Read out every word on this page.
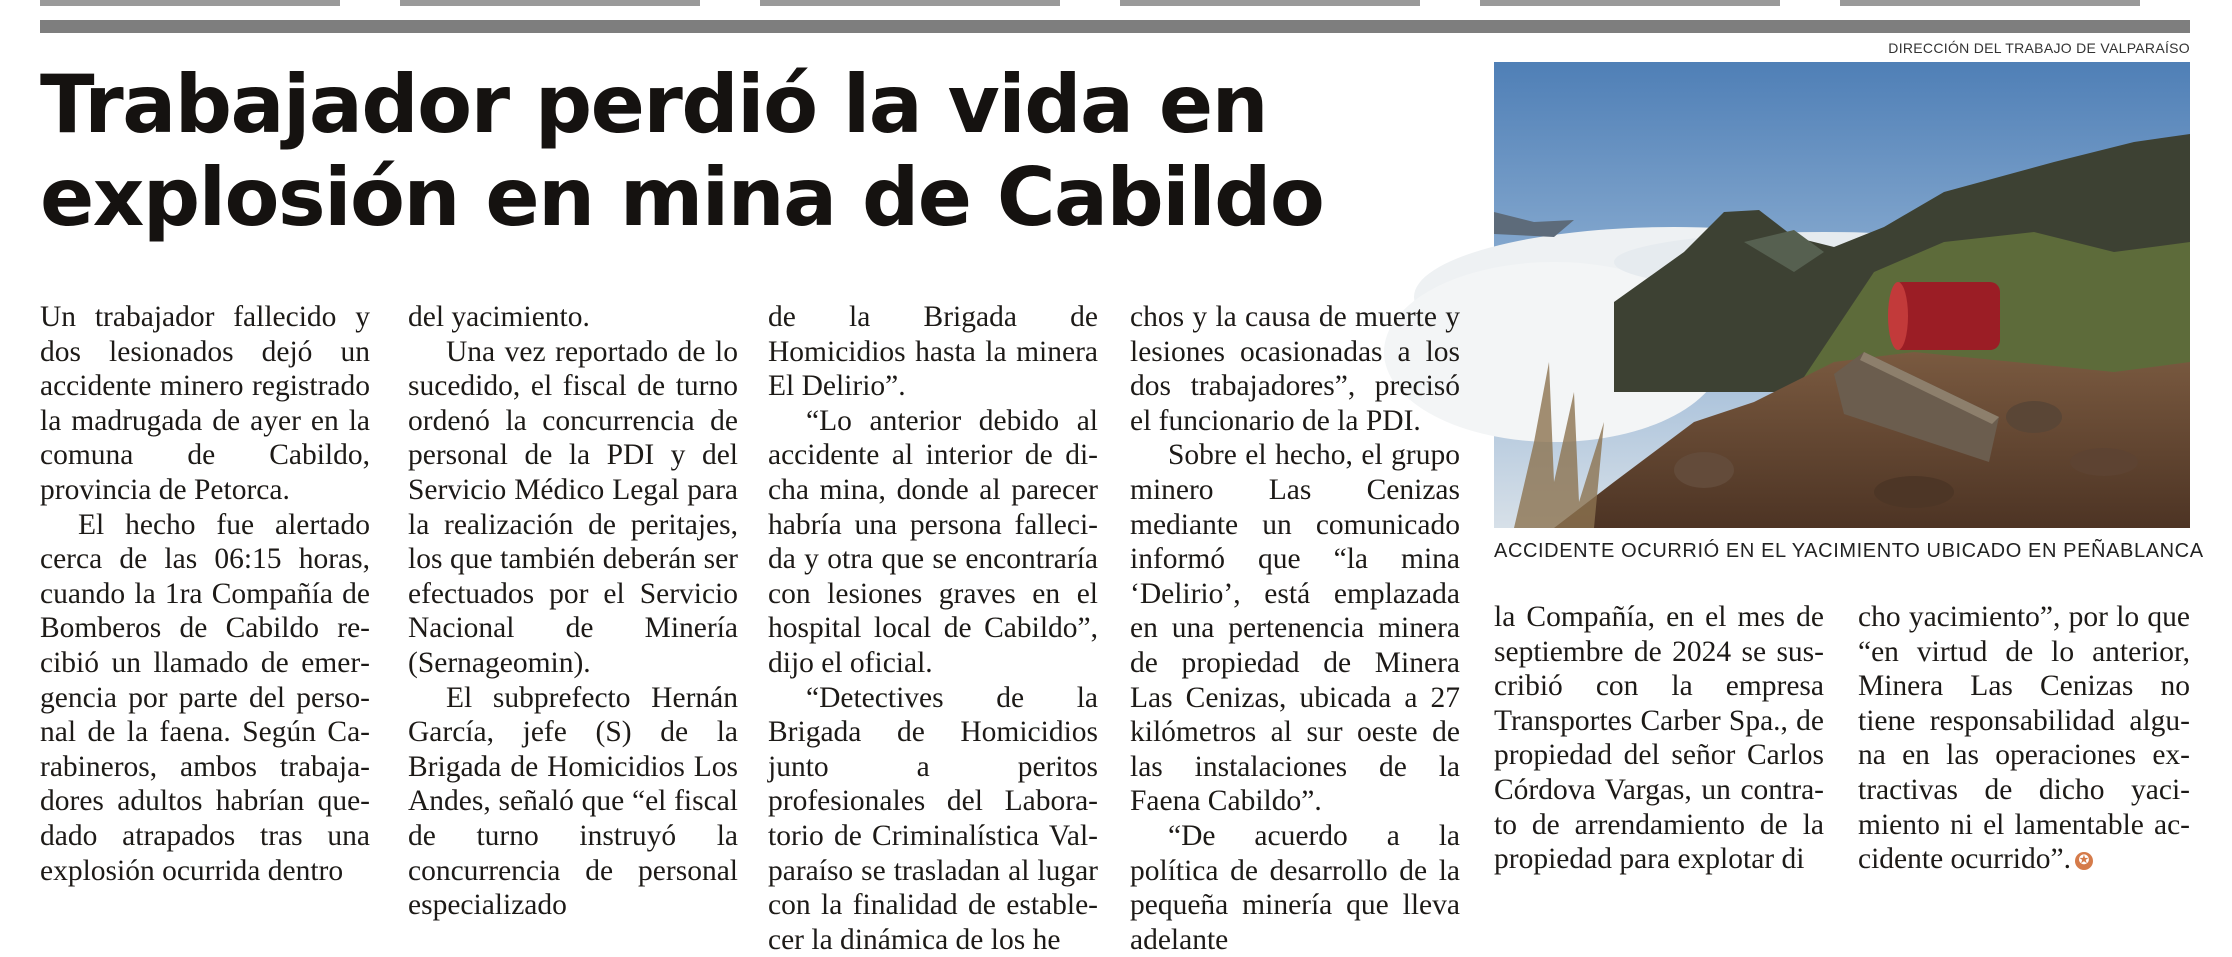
DIRECCIÓN DEL TRABAJO DE VALPARAÍSO
Trabajador perdió la vida en explosión en mina de Cabildo
ACCIDENTE OCURRIÓ EN EL YACIMIENTO UBICADO EN PEÑABLANCA

Un trabajador fallecido y dos lesionados dejó un accidente minero registrado la madrugada de ayer en la comuna de Cabildo, provincia de Petorca.

El hecho fue alertado cerca de las 06:15 horas, cuando la 1ra Compañía de Bomberos de Cabildo recibió un llamado de emergencia por parte del personal de la faena. Según Carabineros, ambos trabajadores adultos habrían quedado atrapados tras una explosión ocurrida dentro

del yacimiento.

Una vez reportado de lo sucedido, el fiscal de turno ordenó la concurrencia de personal de la PDI y del Servicio Médico Legal para la realización de peritajes, los que también deberán ser efectuados por el Servicio Nacional de Minería (Sernageomin).

El subprefecto Hernán García, jefe (S) de la Brigada de Homicidios Los Andes, señaló que “el fiscal de turno instruyó la concurrencia de personal especializado

de la Brigada de Homicidios hasta la minera El Delirio”.

“Lo anterior debido al accidente al interior de dicha mina, donde al parecer habría una persona fallecida y otra que se encontraría con lesiones graves en el hospital local de Cabildo”, dijo el oficial.

“Detectives de la Brigada de Homicidios junto a peritos profesionales del Laboratorio de Criminalística Valparaíso se trasladan al lugar con la finalidad de establecer la dinámica de los he

chos y la causa de muerte y lesiones ocasionadas a los dos trabajadores”, precisó el funcionario de la PDI.

Sobre el hecho, el grupo minero Las Cenizas mediante un comunicado informó que “la mina ‘Delirio’, está emplazada en una pertenencia minera de propiedad de Minera Las Cenizas, ubicada a 27 kilómetros al sur oeste de las instalaciones de la Faena Cabildo”.

“De acuerdo a la política de desarrollo de la pequeña minería que lleva adelante

la Compañía, en el mes de septiembre de 2024 se suscribió con la empresa Transportes Carber Spa., de propiedad del señor Carlos Córdova Vargas, un contrato de arrendamiento de la propiedad para explotar di

cho yacimiento”, por lo que “en virtud de lo anterior, Minera Las Cenizas no tiene responsabilidad alguna en las operaciones extractivas de dicho yacimiento ni el lamentable accidente ocurrido”. ✪
